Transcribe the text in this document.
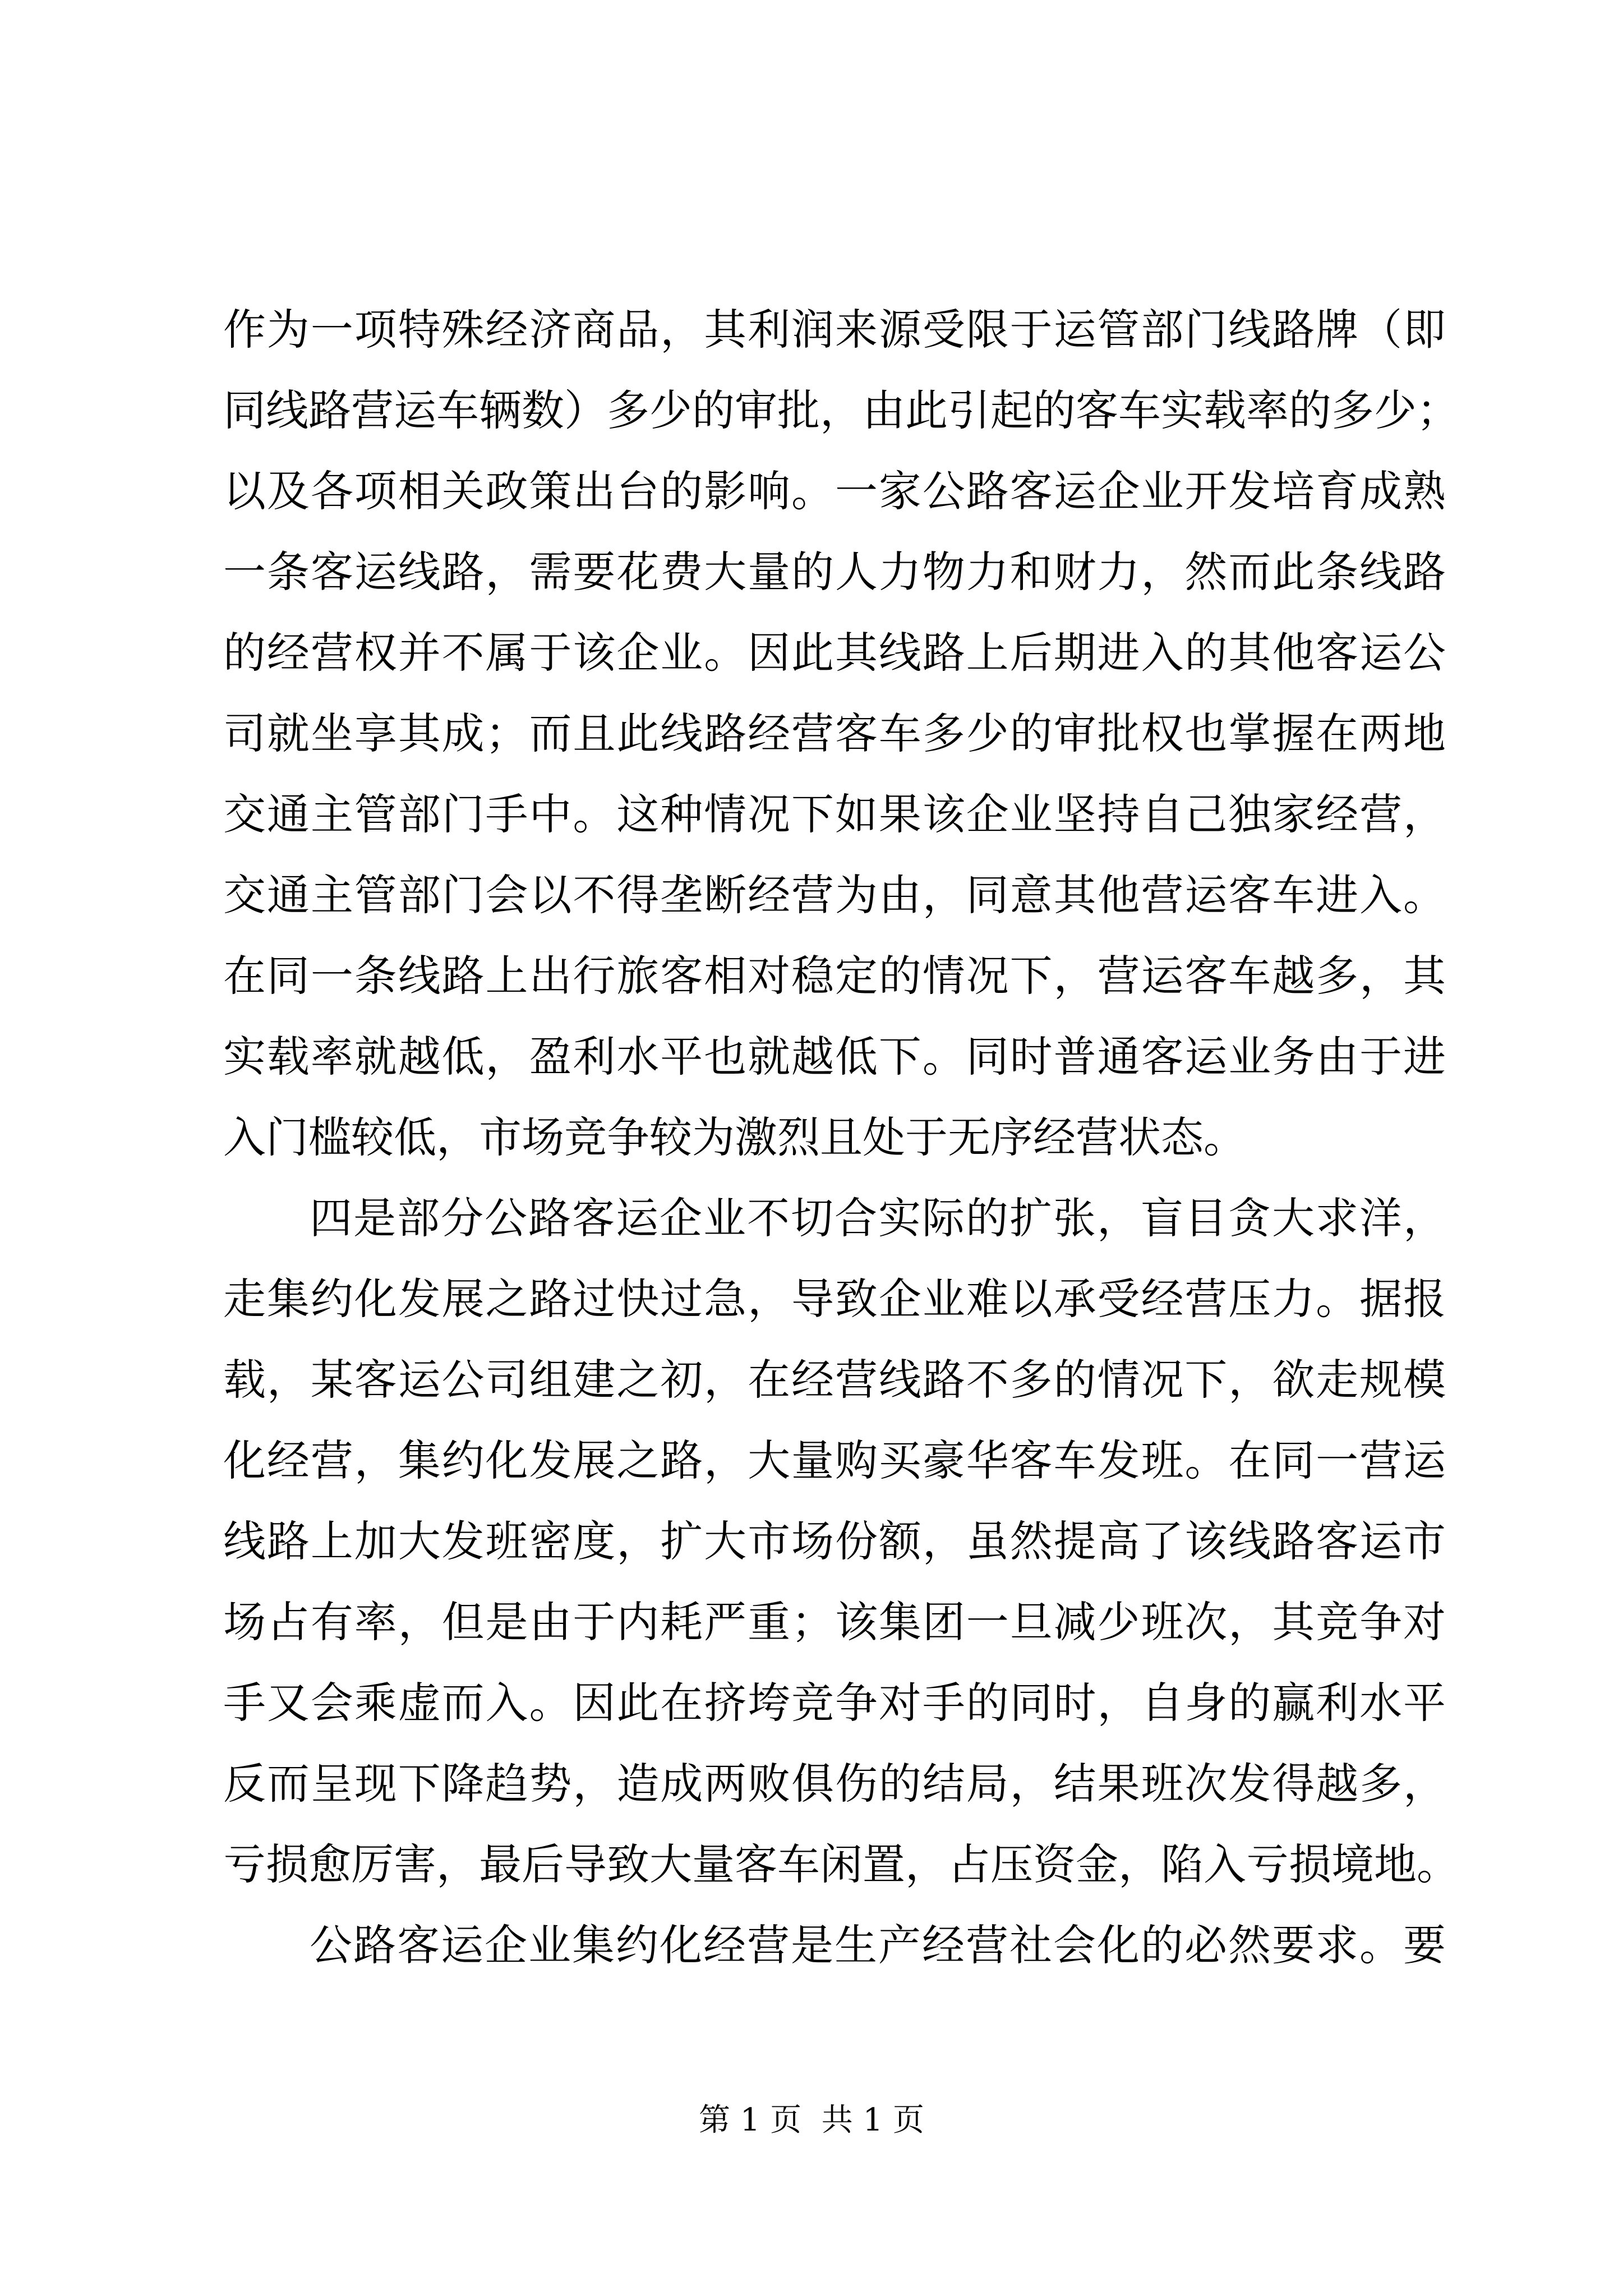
作为一项特殊经济商品，其利润来源受限于运管部门线路牌（即
同线路营运车辆数）多少的审批，由此引起的客车实载率的多少；
以及各项相关政策出台的影响。一家公路客运企业开发培育成熟
一条客运线路，需要花费大量的人力物力和财力，然而此条线路
的经营权并不属于该企业。因此其线路上后期进入的其他客运公
司就坐享其成；而且此线路经营客车多少的审批权也掌握在两地
交通主管部门手中。这种情况下如果该企业坚持自己独家经营，
交通主管部门会以不得垄断经营为由，同意其他营运客车进入。
在同一条线路上出行旅客相对稳定的情况下，营运客车越多，其
实载率就越低，盈利水平也就越低下。同时普通客运业务由于进
入门槛较低，市场竞争较为激烈且处于无序经营状态。
四是部分公路客运企业不切合实际的扩张，盲目贪大求洋，
走集约化发展之路过快过急，导致企业难以承受经营压力。据报
载，某客运公司组建之初，在经营线路不多的情况下，欲走规模
化经营，集约化发展之路，大量购买豪华客车发班。在同一营运
线路上加大发班密度，扩大市场份额，虽然提高了该线路客运市
场占有率，但是由于内耗严重；该集团一旦减少班次，其竞争对
手又会乘虚而入。因此在挤垮竞争对手的同时，自身的赢利水平
反而呈现下降趋势，造成两败俱伤的结局，结果班次发得越多，
亏损愈厉害，最后导致大量客车闲置，占压资金，陷入亏损境地。
公路客运企业集约化经营是生产经营社会化的必然要求。要
第 1 页  共 1 页
